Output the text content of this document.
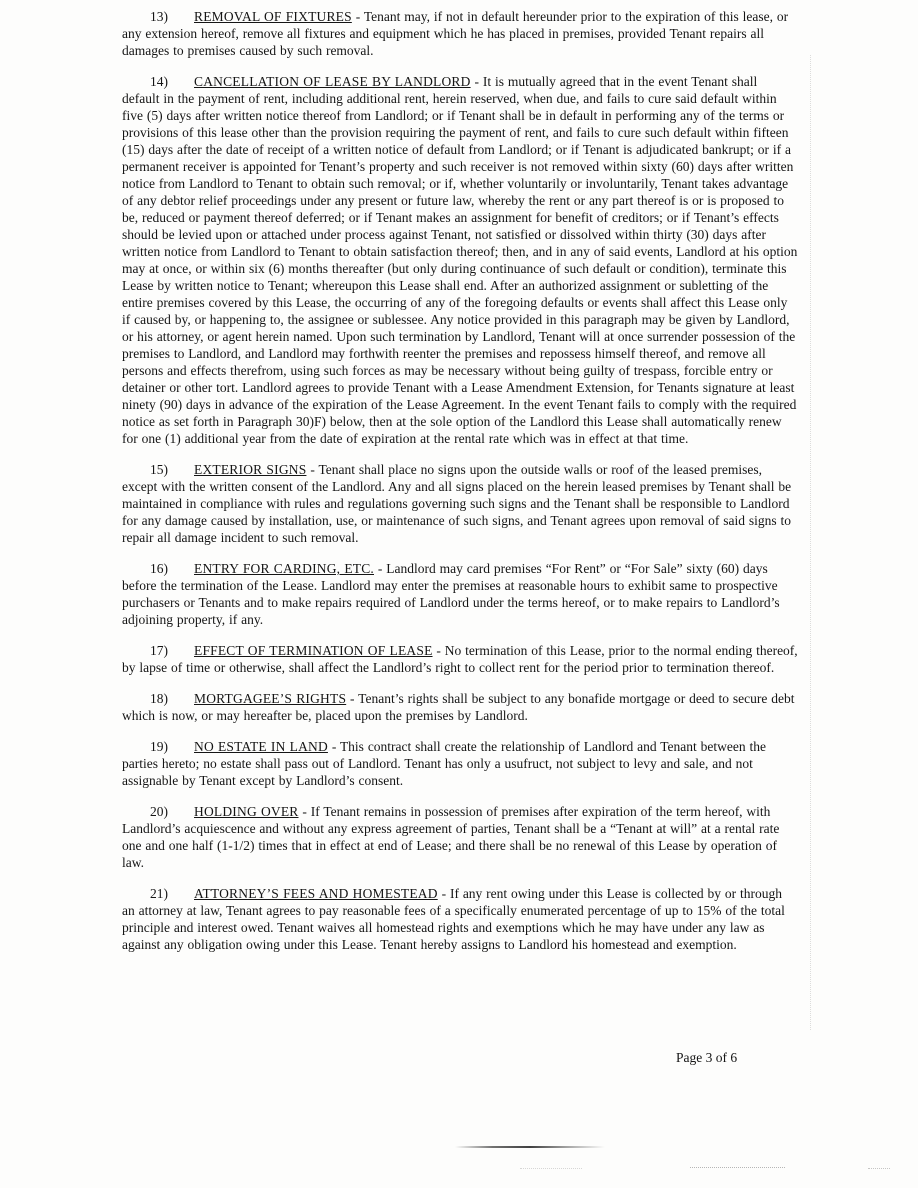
13) REMOVAL OF FIXTURES - Tenant may, if not in default hereunder prior to the expiration of this lease, or any extension hereof, remove all fixtures and equipment which he has placed in premises, provided Tenant repairs all damages to premises caused by such removal.

14) CANCELLATION OF LEASE BY LANDLORD - It is mutually agreed that in the event Tenant shall default in the payment of rent, including additional rent, herein reserved, when due, and fails to cure said default within five (5) days after written notice thereof from Landlord; or if Tenant shall be in default in performing any of the terms or provisions of this lease other than the provision requiring the payment of rent, and fails to cure such default within fifteen (15) days after the date of receipt of a written notice of default from Landlord; or if Tenant is adjudicated bankrupt; or if a permanent receiver is appointed for Tenant’s property and such receiver is not removed within sixty (60) days after written notice from Landlord to Tenant to obtain such removal; or if, whether voluntarily or involuntarily, Tenant takes advantage of any debtor relief proceedings under any present or future law, whereby the rent or any part thereof is or is proposed to be, reduced or payment thereof deferred; or if Tenant makes an assignment for benefit of creditors; or if Tenant’s effects should be levied upon or attached under process against Tenant, not satisfied or dissolved within thirty (30) days after written notice from Landlord to Tenant to obtain satisfaction thereof; then, and in any of said events, Landlord at his option may at once, or within six (6) months thereafter (but only during continuance of such default or condition), terminate this Lease by written notice to Tenant; whereupon this Lease shall end. After an authorized assignment or subletting of the entire premises covered by this Lease, the occurring of any of the foregoing defaults or events shall affect this Lease only if caused by, or happening to, the assignee or sublessee. Any notice provided in this paragraph may be given by Landlord, or his attorney, or agent herein named. Upon such termination by Landlord, Tenant will at once surrender possession of the premises to Landlord, and Landlord may forthwith reenter the premises and repossess himself thereof, and remove all persons and effects therefrom, using such forces as may be necessary without being guilty of trespass, forcible entry or detainer or other tort. Landlord agrees to provide Tenant with a Lease Amendment Extension, for Tenants signature at least ninety (90) days in advance of the expiration of the Lease Agreement. In the event Tenant fails to comply with the required notice as set forth in Paragraph 30)F) below, then at the sole option of the Landlord this Lease shall automatically renew for one (1) additional year from the date of expiration at the rental rate which was in effect at that time.

15) EXTERIOR SIGNS - Tenant shall place no signs upon the outside walls or roof of the leased premises, except with the written consent of the Landlord. Any and all signs placed on the herein leased premises by Tenant shall be maintained in compliance with rules and regulations governing such signs and the Tenant shall be responsible to Landlord for any damage caused by installation, use, or maintenance of such signs, and Tenant agrees upon removal of said signs to repair all damage incident to such removal.

16) ENTRY FOR CARDING, ETC. - Landlord may card premises “For Rent” or “For Sale” sixty (60) days before the termination of the Lease. Landlord may enter the premises at reasonable hours to exhibit same to prospective purchasers or Tenants and to make repairs required of Landlord under the terms hereof, or to make repairs to Landlord’s adjoining property, if any.

17) EFFECT OF TERMINATION OF LEASE - No termination of this Lease, prior to the normal ending thereof, by lapse of time or otherwise, shall affect the Landlord’s right to collect rent for the period prior to termination thereof.

18) MORTGAGEE’S RIGHTS - Tenant’s rights shall be subject to any bonafide mortgage or deed to secure debt which is now, or may hereafter be, placed upon the premises by Landlord.

19) NO ESTATE IN LAND - This contract shall create the relationship of Landlord and Tenant between the parties hereto; no estate shall pass out of Landlord. Tenant has only a usufruct, not subject to levy and sale, and not assignable by Tenant except by Landlord’s consent.

20) HOLDING OVER - If Tenant remains in possession of premises after expiration of the term hereof, with Landlord’s acquiescence and without any express agreement of parties, Tenant shall be a “Tenant at will” at a rental rate one and one half (1-1/2) times that in effect at end of Lease; and there shall be no renewal of this Lease by operation of law.

21) ATTORNEY’S FEES AND HOMESTEAD - If any rent owing under this Lease is collected by or through an attorney at law, Tenant agrees to pay reasonable fees of a specifically enumerated percentage of up to 15% of the total principle and interest owed. Tenant waives all homestead rights and exemptions which he may have under any law as against any obligation owing under this Lease. Tenant hereby assigns to Landlord his homestead and exemption.

Page 3 of 6
